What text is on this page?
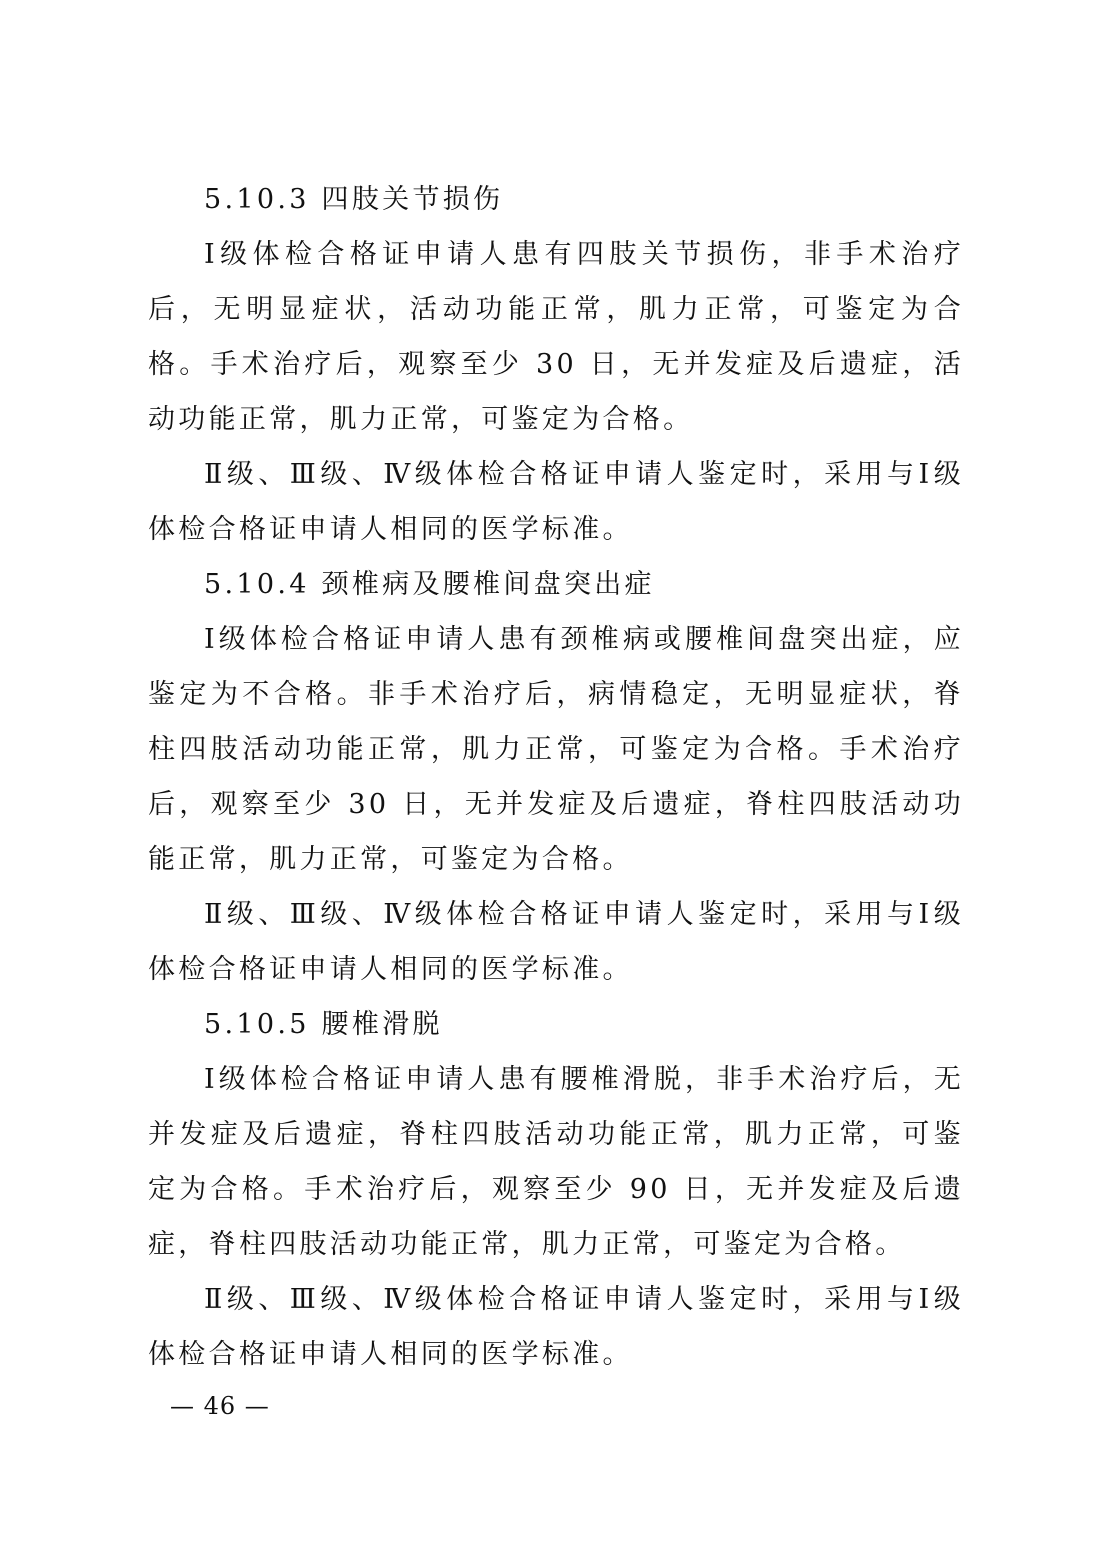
5.10.3 四肢关节损伤

Ⅰ级体检合格证申请人患有四肢关节损伤，非手术治疗后，无明显症状，活动功能正常，肌力正常，可鉴定为合格。手术治疗后，观察至少 30 日，无并发症及后遗症，活动功能正常，肌力正常，可鉴定为合格。

Ⅱ级、Ⅲ级、Ⅳ级体检合格证申请人鉴定时，采用与Ⅰ级体检合格证申请人相同的医学标准。

5.10.4 颈椎病及腰椎间盘突出症

Ⅰ级体检合格证申请人患有颈椎病或腰椎间盘突出症，应鉴定为不合格。非手术治疗后，病情稳定，无明显症状，脊柱四肢活动功能正常，肌力正常，可鉴定为合格。手术治疗后，观察至少 30 日，无并发症及后遗症，脊柱四肢活动功能正常，肌力正常，可鉴定为合格。

Ⅱ级、Ⅲ级、Ⅳ级体检合格证申请人鉴定时，采用与Ⅰ级体检合格证申请人相同的医学标准。

5.10.5 腰椎滑脱

Ⅰ级体检合格证申请人患有腰椎滑脱，非手术治疗后，无并发症及后遗症，脊柱四肢活动功能正常，肌力正常，可鉴定为合格。手术治疗后，观察至少 90 日，无并发症及后遗症，脊柱四肢活动功能正常，肌力正常，可鉴定为合格。

Ⅱ级、Ⅲ级、Ⅳ级体检合格证申请人鉴定时，采用与Ⅰ级体检合格证申请人相同的医学标准。

— 46 —
